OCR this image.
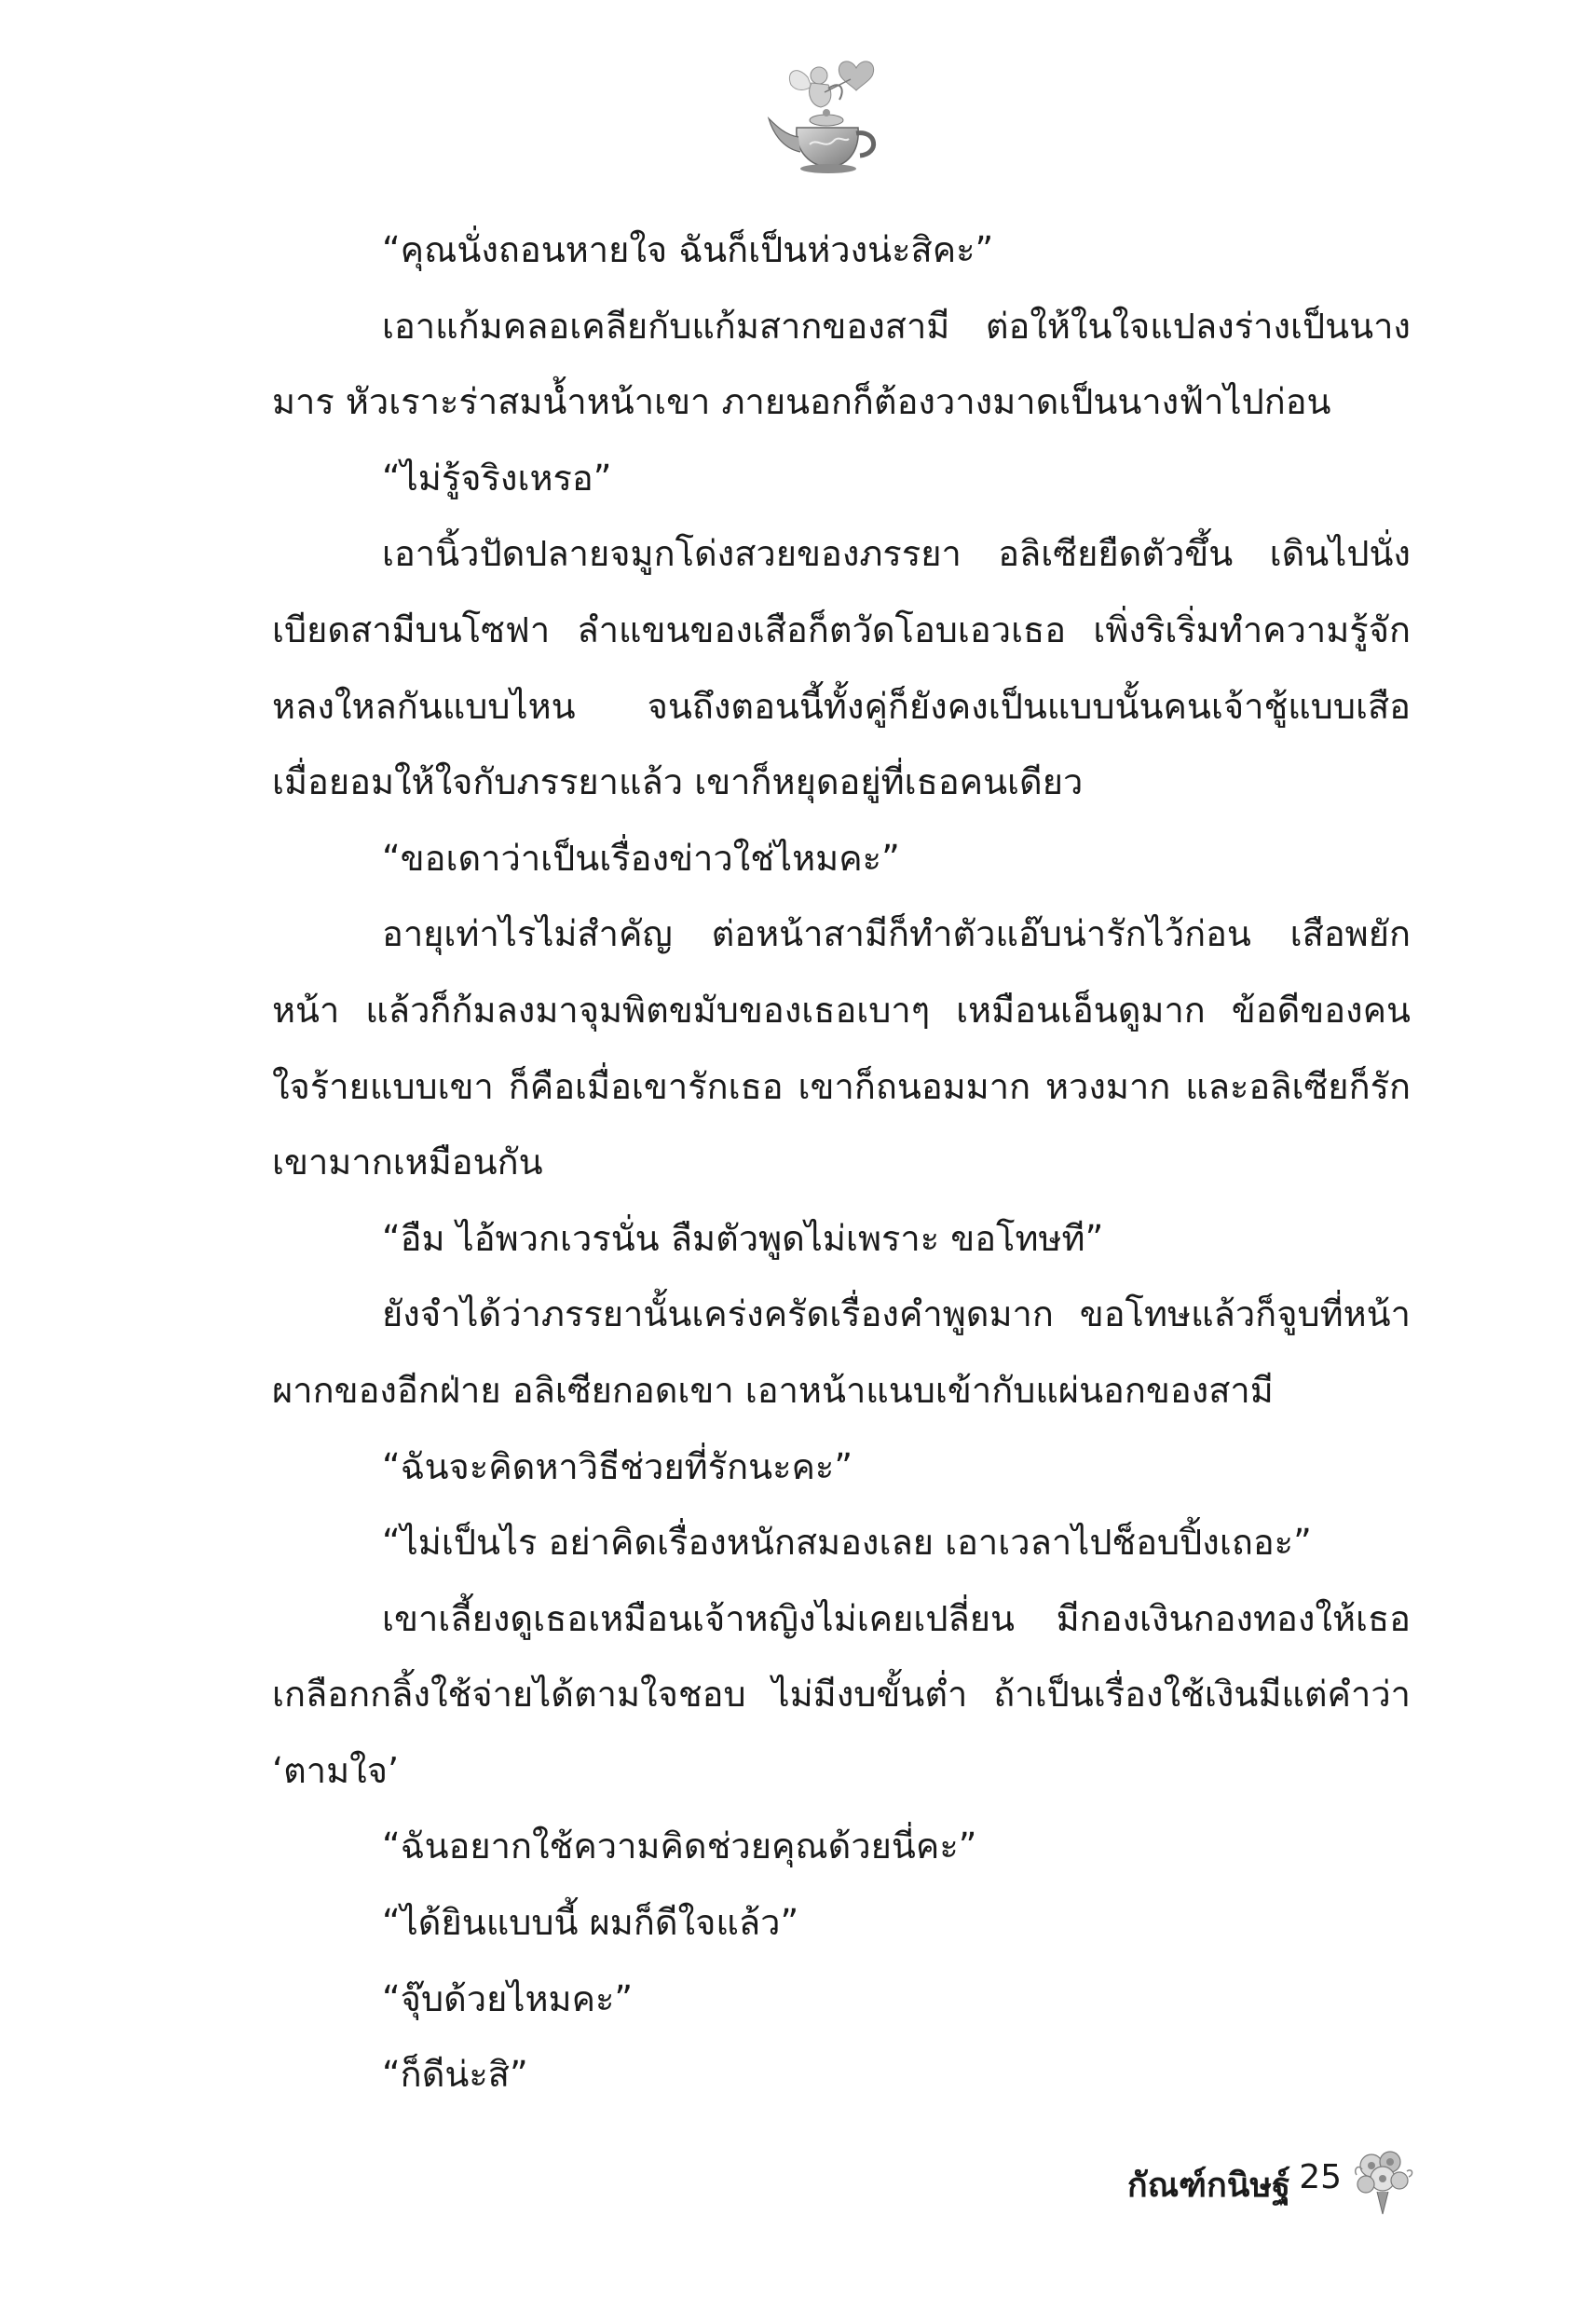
“คุณนั่งถอนหายใจ ฉันก็เป็นห่วงน่ะสิคะ”

เอาแก้มคลอเคลียกับแก้มสากของสามี ต่อให้ในใจแปลงร่างเป็นนางมาร หัวเราะร่าสมน้ำหน้าเขา ภายนอกก็ต้องวางมาดเป็นนางฟ้าไปก่อน

“ไม่รู้จริงเหรอ”

เอานิ้วปัดปลายจมูกโด่งสวยของภรรยา อลิเซียยืดตัวขึ้น เดินไปนั่งเบียดสามีบนโซฟา ลำแขนของเสือก็ตวัดโอบเอวเธอ เพิ่งริเริ่มทำความรู้จักหลงใหลกันแบบไหน จนถึงตอนนี้ทั้งคู่ก็ยังคงเป็นแบบนั้นคนเจ้าชู้แบบเสือ เมื่อยอมให้ใจกับภรรยาแล้ว เขาก็หยุดอยู่ที่เธอคนเดียว

“ขอเดาว่าเป็นเรื่องข่าวใช่ไหมคะ”

อายุเท่าไรไม่สำคัญ ต่อหน้าสามีก็ทำตัวแอ๊บน่ารักไว้ก่อน เสือพยักหน้า แล้วก็ก้มลงมาจุมพิตขมับของเธอเบาๆ เหมือนเอ็นดูมาก ข้อดีของคนใจร้ายแบบเขา ก็คือเมื่อเขารักเธอ เขาก็ถนอมมาก หวงมาก และอลิเซียก็รักเขามากเหมือนกัน

“อืม ไอ้พวกเวรนั่น ลืมตัวพูดไม่เพราะ ขอโทษที”

ยังจำได้ว่าภรรยานั้นเคร่งครัดเรื่องคำพูดมาก ขอโทษแล้วก็จูบที่หน้าผากของอีกฝ่าย อลิเซียกอดเขา เอาหน้าแนบเข้ากับแผ่นอกของสามี

“ฉันจะคิดหาวิธีช่วยที่รักนะคะ”

“ไม่เป็นไร อย่าคิดเรื่องหนักสมองเลย เอาเวลาไปช็อบปิ้งเถอะ”

เขาเลี้ยงดูเธอเหมือนเจ้าหญิงไม่เคยเปลี่ยน มีกองเงินกองทองให้เธอเกลือกกลิ้งใช้จ่ายได้ตามใจชอบ ไม่มีงบขั้นต่ำ ถ้าเป็นเรื่องใช้เงินมีแต่คำว่า ‘ตามใจ’

“ฉันอยากใช้ความคิดช่วยคุณด้วยนี่คะ”

“ได้ยินแบบนี้ ผมก็ดีใจแล้ว”

“จุ๊บด้วยไหมคะ”

“ก็ดีน่ะสิ”

กัณฑ์กนิษฐ์ 25
